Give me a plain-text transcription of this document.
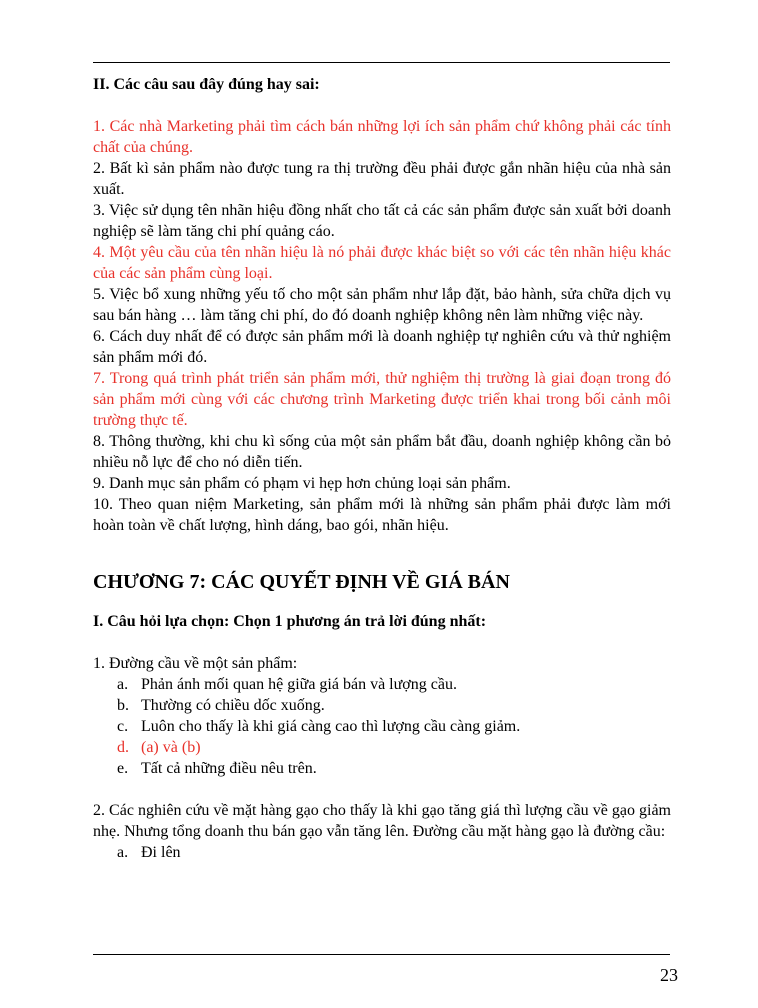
II. Các câu sau đây đúng hay sai:

1. Các nhà Marketing phải tìm cách bán những lợi ích sản phẩm chứ không phải các tính chất của chúng.

2. Bất kì sản phẩm nào được tung ra thị trường đều phải được gắn nhãn hiệu của nhà sản xuất.

3. Việc sử dụng tên nhãn hiệu đồng nhất cho tất cả các sản phẩm được sản xuất bởi doanh nghiệp sẽ làm tăng chi phí quảng cáo.

4. Một yêu cầu của tên nhãn hiệu là nó phải được khác biệt so với các tên nhãn hiệu khác của các sản phẩm cùng loại.

5. Việc bổ xung những yếu tố cho một sản phẩm như lắp đặt, bảo hành, sửa chữa dịch vụ sau bán hàng … làm tăng chi phí, do đó doanh nghiệp không nên làm những việc này.

6. Cách duy nhất để có được sản phẩm mới là doanh nghiệp tự nghiên cứu và thử nghiệm sản phẩm mới đó.

7. Trong quá trình phát triển sản phẩm mới, thử nghiệm thị trường là giai đoạn trong đó sản phẩm mới cùng với các chương trình Marketing được triển khai trong bối cảnh môi trường thực tế.

8. Thông thường, khi chu kì sống của một sản phẩm bắt đầu, doanh nghiệp không cần bỏ nhiều nỗ lực để cho nó diễn tiến.

9. Danh mục sản phẩm có phạm vi hẹp hơn chủng loại sản phẩm.

10. Theo quan niệm Marketing, sản phẩm mới là những sản phẩm phải được làm mới hoàn toàn về chất lượng, hình dáng, bao gói, nhãn hiệu.

CHƯƠNG 7: CÁC QUYẾT ĐỊNH VỀ GIÁ BÁN

I. Câu hỏi lựa chọn: Chọn 1 phương án trả lời đúng nhất:

1. Đường cầu về một sản phẩm:

a. Phản ánh mối quan hệ giữa giá bán và lượng cầu.
b. Thường có chiều dốc xuống.
c. Luôn cho thấy là khi giá càng cao thì lượng cầu càng giảm.
d. (a) và (b)
e. Tất cả những điều nêu trên.

2. Các nghiên cứu về mặt hàng gạo cho thấy là khi gạo tăng giá thì lượng cầu về gạo giảm nhẹ. Nhưng tổng doanh thu bán gạo vẫn tăng lên. Đường cầu mặt hàng gạo là đường cầu:

a. Đi lên
23
